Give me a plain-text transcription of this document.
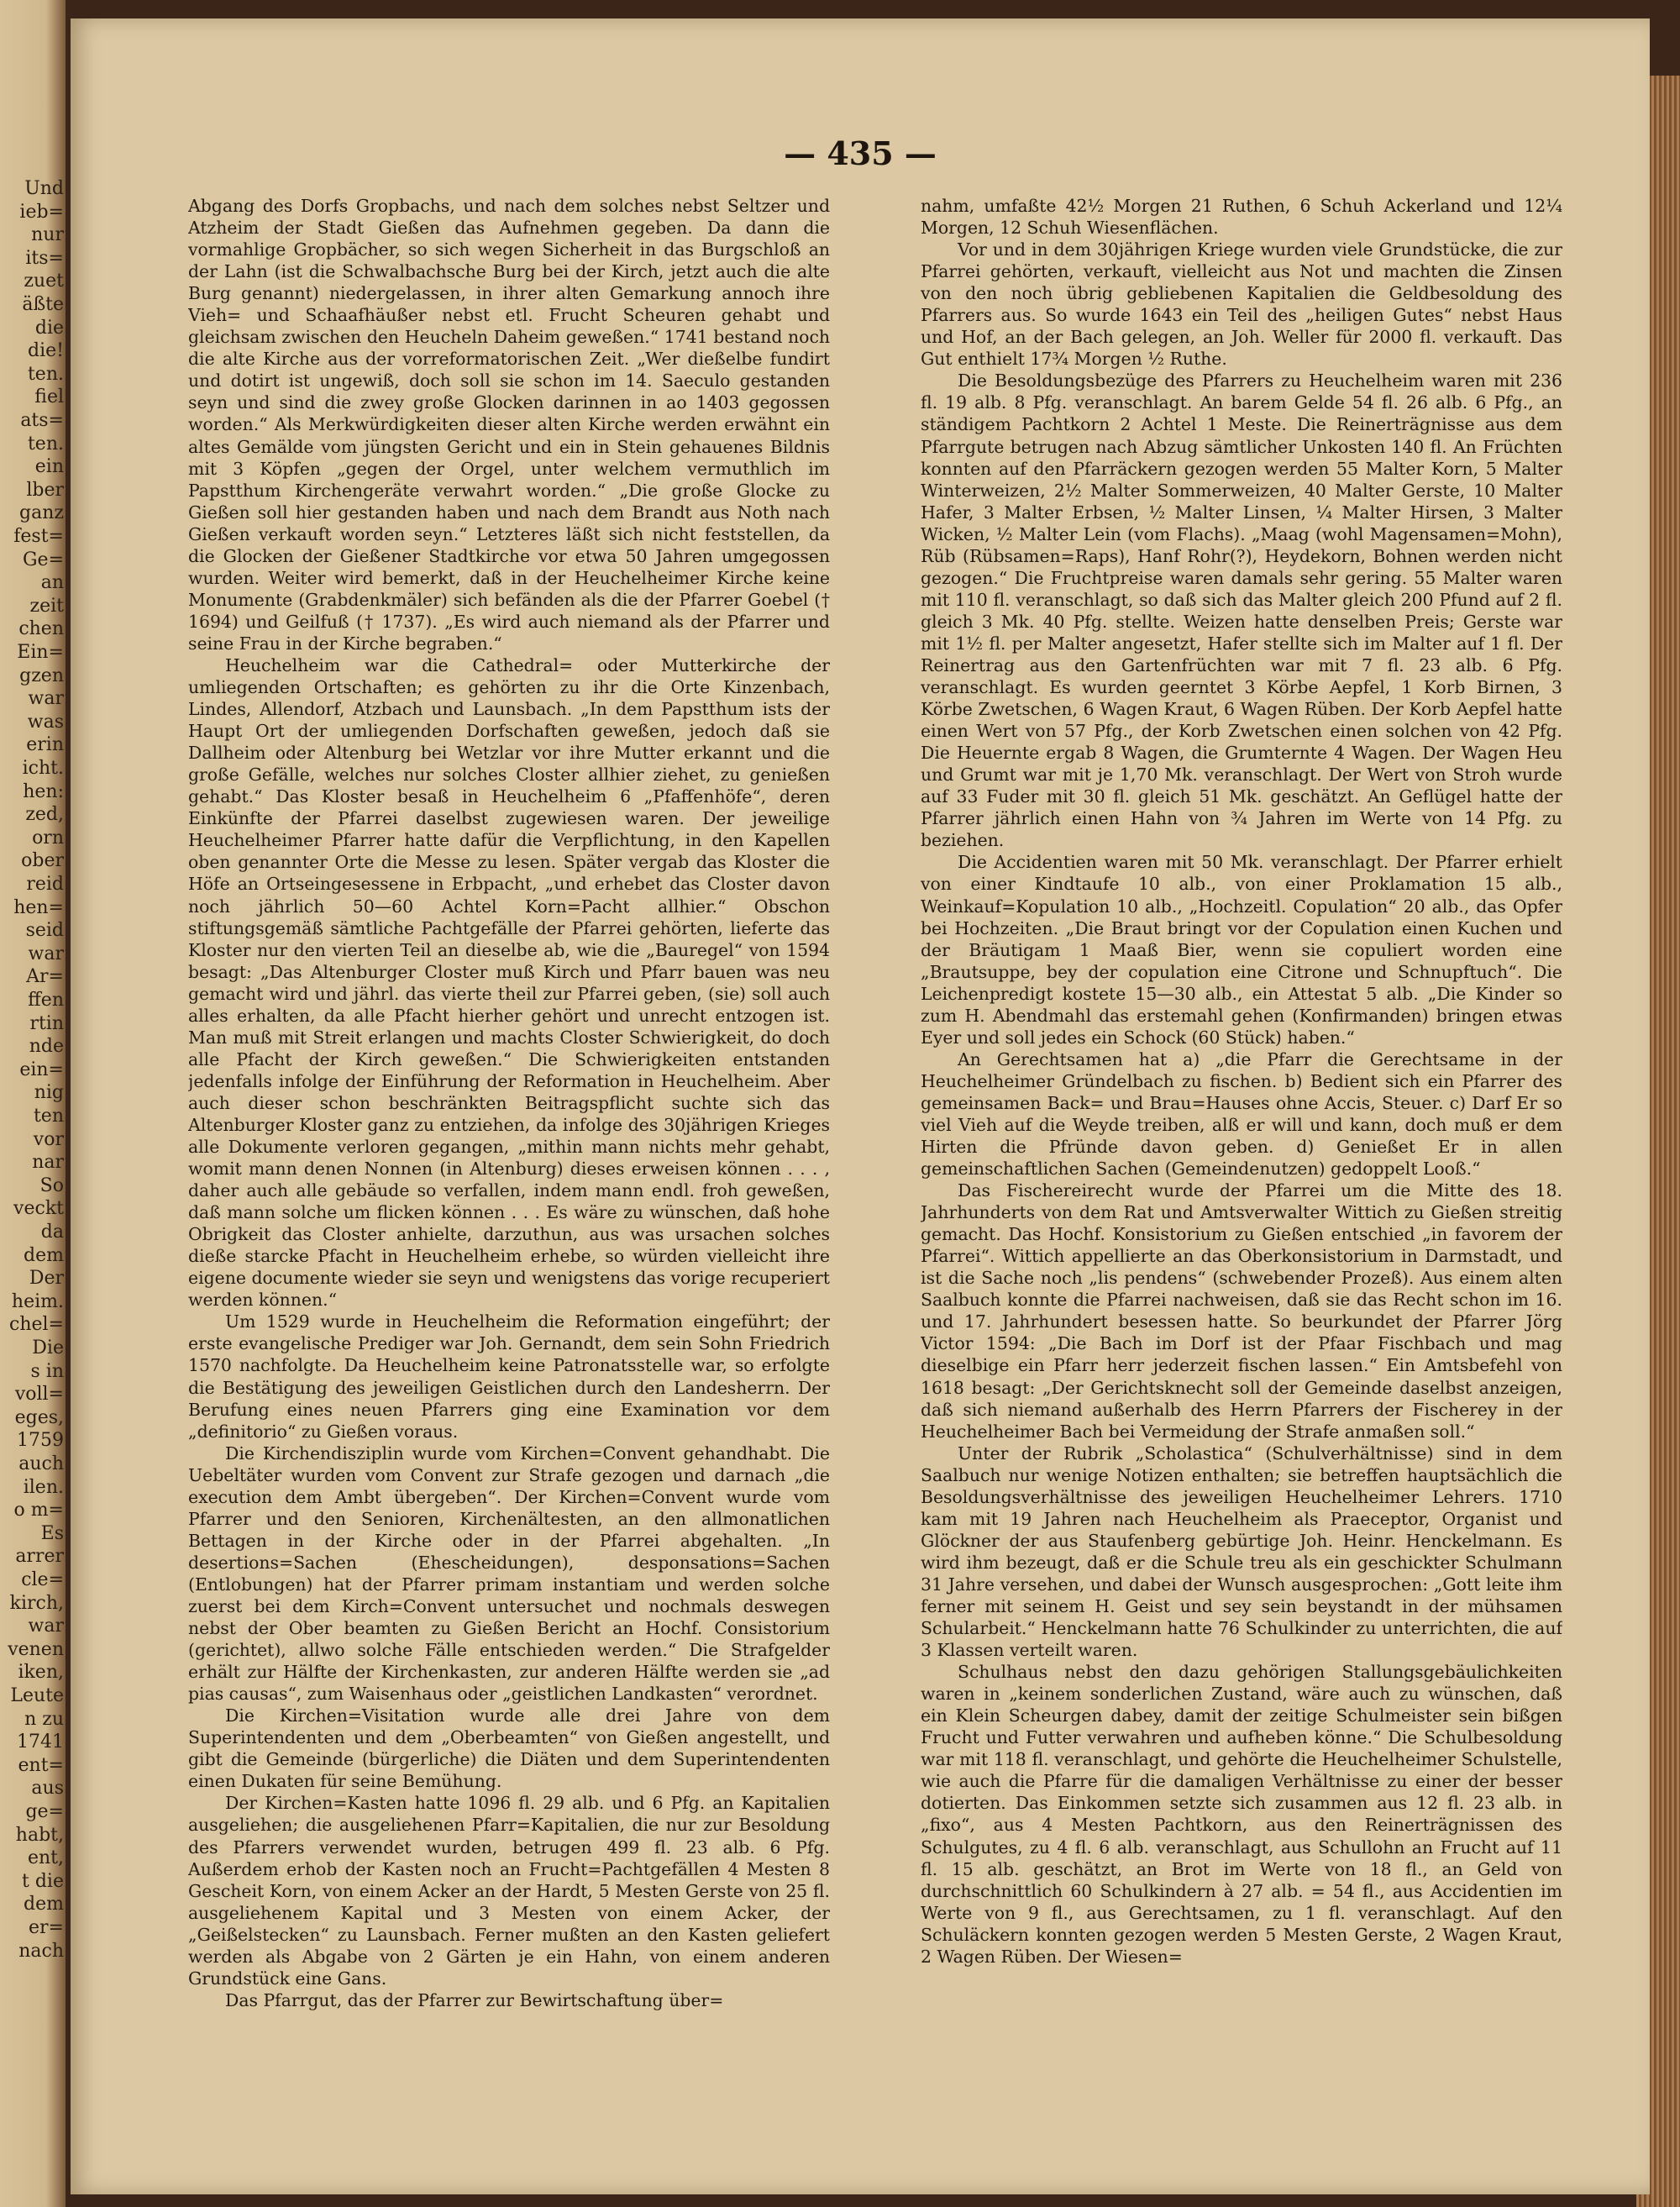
Und
ieb=
nur
its=
zuet
äßte
die
die!
ten.
fiel
ats=
ten.
ein
lber
ganz
fest=
Ge=
an
zeit
chen
Ein=
gzen
war
was
erin
icht.
hen:
zed,
orn
ober
reid
hen=
seid
war
Ar=
ffen
rtin
nde
ein=
nig
ten
vor
nar
So
veckt
da
dem
Der
heim.
chel=
Die
s in
voll=
eges,
1759
auch
ilen.
o m=
Es
arrer
cle=
kirch,
war
venen
iken,
Leute
n zu
1741
ent=
aus
ge=
habt,
ent,
t die
dem
er=
nach
— 435 —

Abgang des Dorfs Gropbachs, und nach dem solches nebst Seltzer und Atzheim der Stadt Gießen das Aufnehmen gegeben. Da dann die vormahlige Gropbächer, so sich wegen Sicherheit in das Burgschloß an der Lahn (ist die Schwalbachsche Burg bei der Kirch, jetzt auch die alte Burg genannt) niedergelassen, in ihrer alten Gemarkung annoch ihre Vieh= und Schaafhäußer nebst etl. Frucht Scheuren gehabt und gleichsam zwischen den Heucheln Daheim geweßen.“ 1741 bestand noch die alte Kirche aus der vorreformatorischen Zeit. „Wer dießelbe fundirt und dotirt ist ungewiß, doch soll sie schon im 14. Saeculo gestanden seyn und sind die zwey große Glocken darinnen in ao 1403 gegossen worden.“ Als Merkwürdigkeiten dieser alten Kirche werden erwähnt ein altes Gemälde vom jüngsten Gericht und ein in Stein gehauenes Bildnis mit 3 Köpfen „gegen der Orgel, unter welchem vermuthlich im Papstthum Kirchengeräte verwahrt worden.“ „Die große Glocke zu Gießen soll hier gestanden haben und nach dem Brandt aus Noth nach Gießen verkauft worden seyn.“ Letzteres läßt sich nicht feststellen, da die Glocken der Gießener Stadtkirche vor etwa 50 Jahren umgegossen wurden. Weiter wird bemerkt, daß in der Heuchelheimer Kirche keine Monumente (Grabdenkmäler) sich befänden als die der Pfarrer Goebel († 1694) und Geilfuß († 1737). „Es wird auch niemand als der Pfarrer und seine Frau in der Kirche begraben.“

Heuchelheim war die Cathedral= oder Mutterkirche der umliegenden Ortschaften; es gehörten zu ihr die Orte Kinzenbach, Lindes, Allendorf, Atzbach und Launsbach. „In dem Papstthum ists der Haupt Ort der umliegenden Dorfschaften geweßen, jedoch daß sie Dallheim oder Altenburg bei Wetzlar vor ihre Mutter erkannt und die große Gefälle, welches nur solches Closter allhier ziehet, zu genießen gehabt.“ Das Kloster besaß in Heuchelheim 6 „Pfaffenhöfe“, deren Einkünfte der Pfarrei daselbst zugewiesen waren. Der jeweilige Heuchelheimer Pfarrer hatte dafür die Verpflichtung, in den Kapellen oben genannter Orte die Messe zu lesen. Später vergab das Kloster die Höfe an Ortseingesessene in Erbpacht, „und erhebet das Closter davon noch jährlich 50—60 Achtel Korn=Pacht allhier.“ Obschon stiftungsgemäß sämtliche Pachtgefälle der Pfarrei gehörten, lieferte das Kloster nur den vierten Teil an dieselbe ab, wie die „Bauregel“ von 1594 besagt: „Das Altenburger Closter muß Kirch und Pfarr bauen was neu gemacht wird und jährl. das vierte theil zur Pfarrei geben, (sie) soll auch alles erhalten, da alle Pfacht hierher gehört und unrecht entzogen ist. Man muß mit Streit erlangen und machts Closter Schwierigkeit, do doch alle Pfacht der Kirch geweßen.“ Die Schwierigkeiten entstanden jedenfalls infolge der Einführung der Reformation in Heuchelheim. Aber auch dieser schon beschränkten Beitragspflicht suchte sich das Altenburger Kloster ganz zu entziehen, da infolge des 30jährigen Krieges alle Dokumente verloren gegangen, „mithin mann nichts mehr gehabt, womit mann denen Nonnen (in Altenburg) dieses erweisen können . . . , daher auch alle gebäude so verfallen, indem mann endl. froh geweßen, daß mann solche um flicken können . . . Es wäre zu wünschen, daß hohe Obrigkeit das Closter anhielte, darzuthun, aus was ursachen solches dieße starcke Pfacht in Heuchelheim erhebe, so würden vielleicht ihre eigene documente wieder sie seyn und wenigstens das vorige recuperiert werden können.“

Um 1529 wurde in Heuchelheim die Reformation eingeführt; der erste evangelische Prediger war Joh. Gernandt, dem sein Sohn Friedrich 1570 nachfolgte. Da Heuchelheim keine Patronatsstelle war, so erfolgte die Bestätigung des jeweiligen Geistlichen durch den Landesherrn. Der Berufung eines neuen Pfarrers ging eine Examination vor dem „definitorio“ zu Gießen voraus.

Die Kirchendisziplin wurde vom Kirchen=Convent gehandhabt. Die Uebeltäter wurden vom Convent zur Strafe gezogen und darnach „die execution dem Ambt übergeben“. Der Kirchen=Convent wurde vom Pfarrer und den Senioren, Kirchenältesten, an den allmonatlichen Bettagen in der Kirche oder in der Pfarrei abgehalten. „In desertions=Sachen (Ehescheidungen), desponsations=Sachen (Entlobungen) hat der Pfarrer primam instantiam und werden solche zuerst bei dem Kirch=Convent untersuchet und nochmals deswegen nebst der Ober beamten zu Gießen Bericht an Hochf. Consistorium (gerichtet), allwo solche Fälle entschieden werden.“ Die Strafgelder erhält zur Hälfte der Kirchenkasten, zur anderen Hälfte werden sie „ad pias causas“, zum Waisenhaus oder „geistlichen Landkasten“ verordnet.

Die Kirchen=Visitation wurde alle drei Jahre von dem Superintendenten und dem „Oberbeamten“ von Gießen angestellt, und gibt die Gemeinde (bürgerliche) die Diäten und dem Superintendenten einen Dukaten für seine Bemühung.

Der Kirchen=Kasten hatte 1096 fl. 29 alb. und 6 Pfg. an Kapitalien ausgeliehen; die ausgeliehenen Pfarr=Kapitalien, die nur zur Besoldung des Pfarrers verwendet wurden, betrugen 499 fl. 23 alb. 6 Pfg. Außerdem erhob der Kasten noch an Frucht=Pachtgefällen 4 Mesten 8 Gescheit Korn, von einem Acker an der Hardt, 5 Mesten Gerste von 25 fl. ausgeliehenem Kapital und 3 Mesten von einem Acker, der „Geißelstecken“ zu Launsbach. Ferner mußten an den Kasten geliefert werden als Abgabe von 2 Gärten je ein Hahn, von einem anderen Grundstück eine Gans.

Das Pfarrgut, das der Pfarrer zur Bewirtschaftung über=

nahm, umfaßte 42½ Morgen 21 Ruthen, 6 Schuh Ackerland und 12¼ Morgen, 12 Schuh Wiesenflächen.

Vor und in dem 30jährigen Kriege wurden viele Grundstücke, die zur Pfarrei gehörten, verkauft, vielleicht aus Not und machten die Zinsen von den noch übrig gebliebenen Kapitalien die Geldbesoldung des Pfarrers aus. So wurde 1643 ein Teil des „heiligen Gutes“ nebst Haus und Hof, an der Bach gelegen, an Joh. Weller für 2000 fl. verkauft. Das Gut enthielt 17¾ Morgen ½ Ruthe.

Die Besoldungsbezüge des Pfarrers zu Heuchelheim waren mit 236 fl. 19 alb. 8 Pfg. veranschlagt. An barem Gelde 54 fl. 26 alb. 6 Pfg., an ständigem Pachtkorn 2 Achtel 1 Meste. Die Reinerträgnisse aus dem Pfarrgute betrugen nach Abzug sämtlicher Unkosten 140 fl. An Früchten konnten auf den Pfarräckern gezogen werden 55 Malter Korn, 5 Malter Winterweizen, 2½ Malter Sommerweizen, 40 Malter Gerste, 10 Malter Hafer, 3 Malter Erbsen, ½ Malter Linsen, ¼ Malter Hirsen, 3 Malter Wicken, ½ Malter Lein (vom Flachs). „Maag (wohl Magensamen=Mohn), Rüb (Rübsamen=Raps), Hanf Rohr(?), Heydekorn, Bohnen werden nicht gezogen.“ Die Fruchtpreise waren damals sehr gering. 55 Malter waren mit 110 fl. veranschlagt, so daß sich das Malter gleich 200 Pfund auf 2 fl. gleich 3 Mk. 40 Pfg. stellte. Weizen hatte denselben Preis; Gerste war mit 1½ fl. per Malter angesetzt, Hafer stellte sich im Malter auf 1 fl. Der Reinertrag aus den Gartenfrüchten war mit 7 fl. 23 alb. 6 Pfg. veranschlagt. Es wurden geerntet 3 Körbe Aepfel, 1 Korb Birnen, 3 Körbe Zwetschen, 6 Wagen Kraut, 6 Wagen Rüben. Der Korb Aepfel hatte einen Wert von 57 Pfg., der Korb Zwetschen einen solchen von 42 Pfg. Die Heuernte ergab 8 Wagen, die Grumternte 4 Wagen. Der Wagen Heu und Grumt war mit je 1,70 Mk. veranschlagt. Der Wert von Stroh wurde auf 33 Fuder mit 30 fl. gleich 51 Mk. geschätzt. An Geflügel hatte der Pfarrer jährlich einen Hahn von ¾ Jahren im Werte von 14 Pfg. zu beziehen.

Die Accidentien waren mit 50 Mk. veranschlagt. Der Pfarrer erhielt von einer Kindtaufe 10 alb., von einer Proklamation 15 alb., Weinkauf=Kopulation 10 alb., „Hochzeitl. Copulation“ 20 alb., das Opfer bei Hochzeiten. „Die Braut bringt vor der Copulation einen Kuchen und der Bräutigam 1 Maaß Bier, wenn sie copuliert worden eine „Brautsuppe, bey der copulation eine Citrone und Schnupftuch“. Die Leichenpredigt kostete 15—30 alb., ein Attestat 5 alb. „Die Kinder so zum H. Abendmahl das erstemahl gehen (Konfirmanden) bringen etwas Eyer und soll jedes ein Schock (60 Stück) haben.“

An Gerechtsamen hat a) „die Pfarr die Gerechtsame in der Heuchelheimer Gründelbach zu fischen. b) Bedient sich ein Pfarrer des gemeinsamen Back= und Brau=Hauses ohne Accis, Steuer. c) Darf Er so viel Vieh auf die Weyde treiben, alß er will und kann, doch muß er dem Hirten die Pfründe davon geben. d) Genießet Er in allen gemeinschaftlichen Sachen (Gemeindenutzen) gedoppelt Looß.“

Das Fischereirecht wurde der Pfarrei um die Mitte des 18. Jahrhunderts von dem Rat und Amtsverwalter Wittich zu Gießen streitig gemacht. Das Hochf. Konsistorium zu Gießen entschied „in favorem der Pfarrei“. Wittich appellierte an das Oberkonsistorium in Darmstadt, und ist die Sache noch „lis pendens“ (schwebender Prozeß). Aus einem alten Saalbuch konnte die Pfarrei nachweisen, daß sie das Recht schon im 16. und 17. Jahrhundert besessen hatte. So beurkundet der Pfarrer Jörg Victor 1594: „Die Bach im Dorf ist der Pfaar Fischbach und mag dieselbige ein Pfarr herr jederzeit fischen lassen.“ Ein Amtsbefehl von 1618 besagt: „Der Gerichtsknecht soll der Gemeinde daselbst anzeigen, daß sich niemand außerhalb des Herrn Pfarrers der Fischerey in der Heuchelheimer Bach bei Vermeidung der Strafe anmaßen soll.“

Unter der Rubrik „Scholastica“ (Schulverhältnisse) sind in dem Saalbuch nur wenige Notizen enthalten; sie betreffen hauptsächlich die Besoldungsverhältnisse des jeweiligen Heuchelheimer Lehrers. 1710 kam mit 19 Jahren nach Heuchelheim als Praeceptor, Organist und Glöckner der aus Staufenberg gebürtige Joh. Heinr. Henckelmann. Es wird ihm bezeugt, daß er die Schule treu als ein geschickter Schulmann 31 Jahre versehen, und dabei der Wunsch ausgesprochen: „Gott leite ihm ferner mit seinem H. Geist und sey sein beystandt in der mühsamen Schularbeit.“ Henckelmann hatte 76 Schulkinder zu unterrichten, die auf 3 Klassen verteilt waren.

Schulhaus nebst den dazu gehörigen Stallungsgebäulichkeiten waren in „keinem sonderlichen Zustand, wäre auch zu wünschen, daß ein Klein Scheurgen dabey, damit der zeitige Schulmeister sein bißgen Frucht und Futter verwahren und aufheben könne.“ Die Schulbesoldung war mit 118 fl. veranschlagt, und gehörte die Heuchelheimer Schulstelle, wie auch die Pfarre für die damaligen Verhältnisse zu einer der besser dotierten. Das Einkommen setzte sich zusammen aus 12 fl. 23 alb. in „fixo“, aus 4 Mesten Pachtkorn, aus den Reinerträgnissen des Schulgutes, zu 4 fl. 6 alb. veranschlagt, aus Schullohn an Frucht auf 11 fl. 15 alb. geschätzt, an Brot im Werte von 18 fl., an Geld von durchschnittlich 60 Schulkindern à 27 alb. = 54 fl., aus Accidentien im Werte von 9 fl., aus Gerechtsamen, zu 1 fl. veranschlagt. Auf den Schuläckern konnten gezogen werden 5 Mesten Gerste, 2 Wagen Kraut, 2 Wagen Rüben. Der Wiesen=
